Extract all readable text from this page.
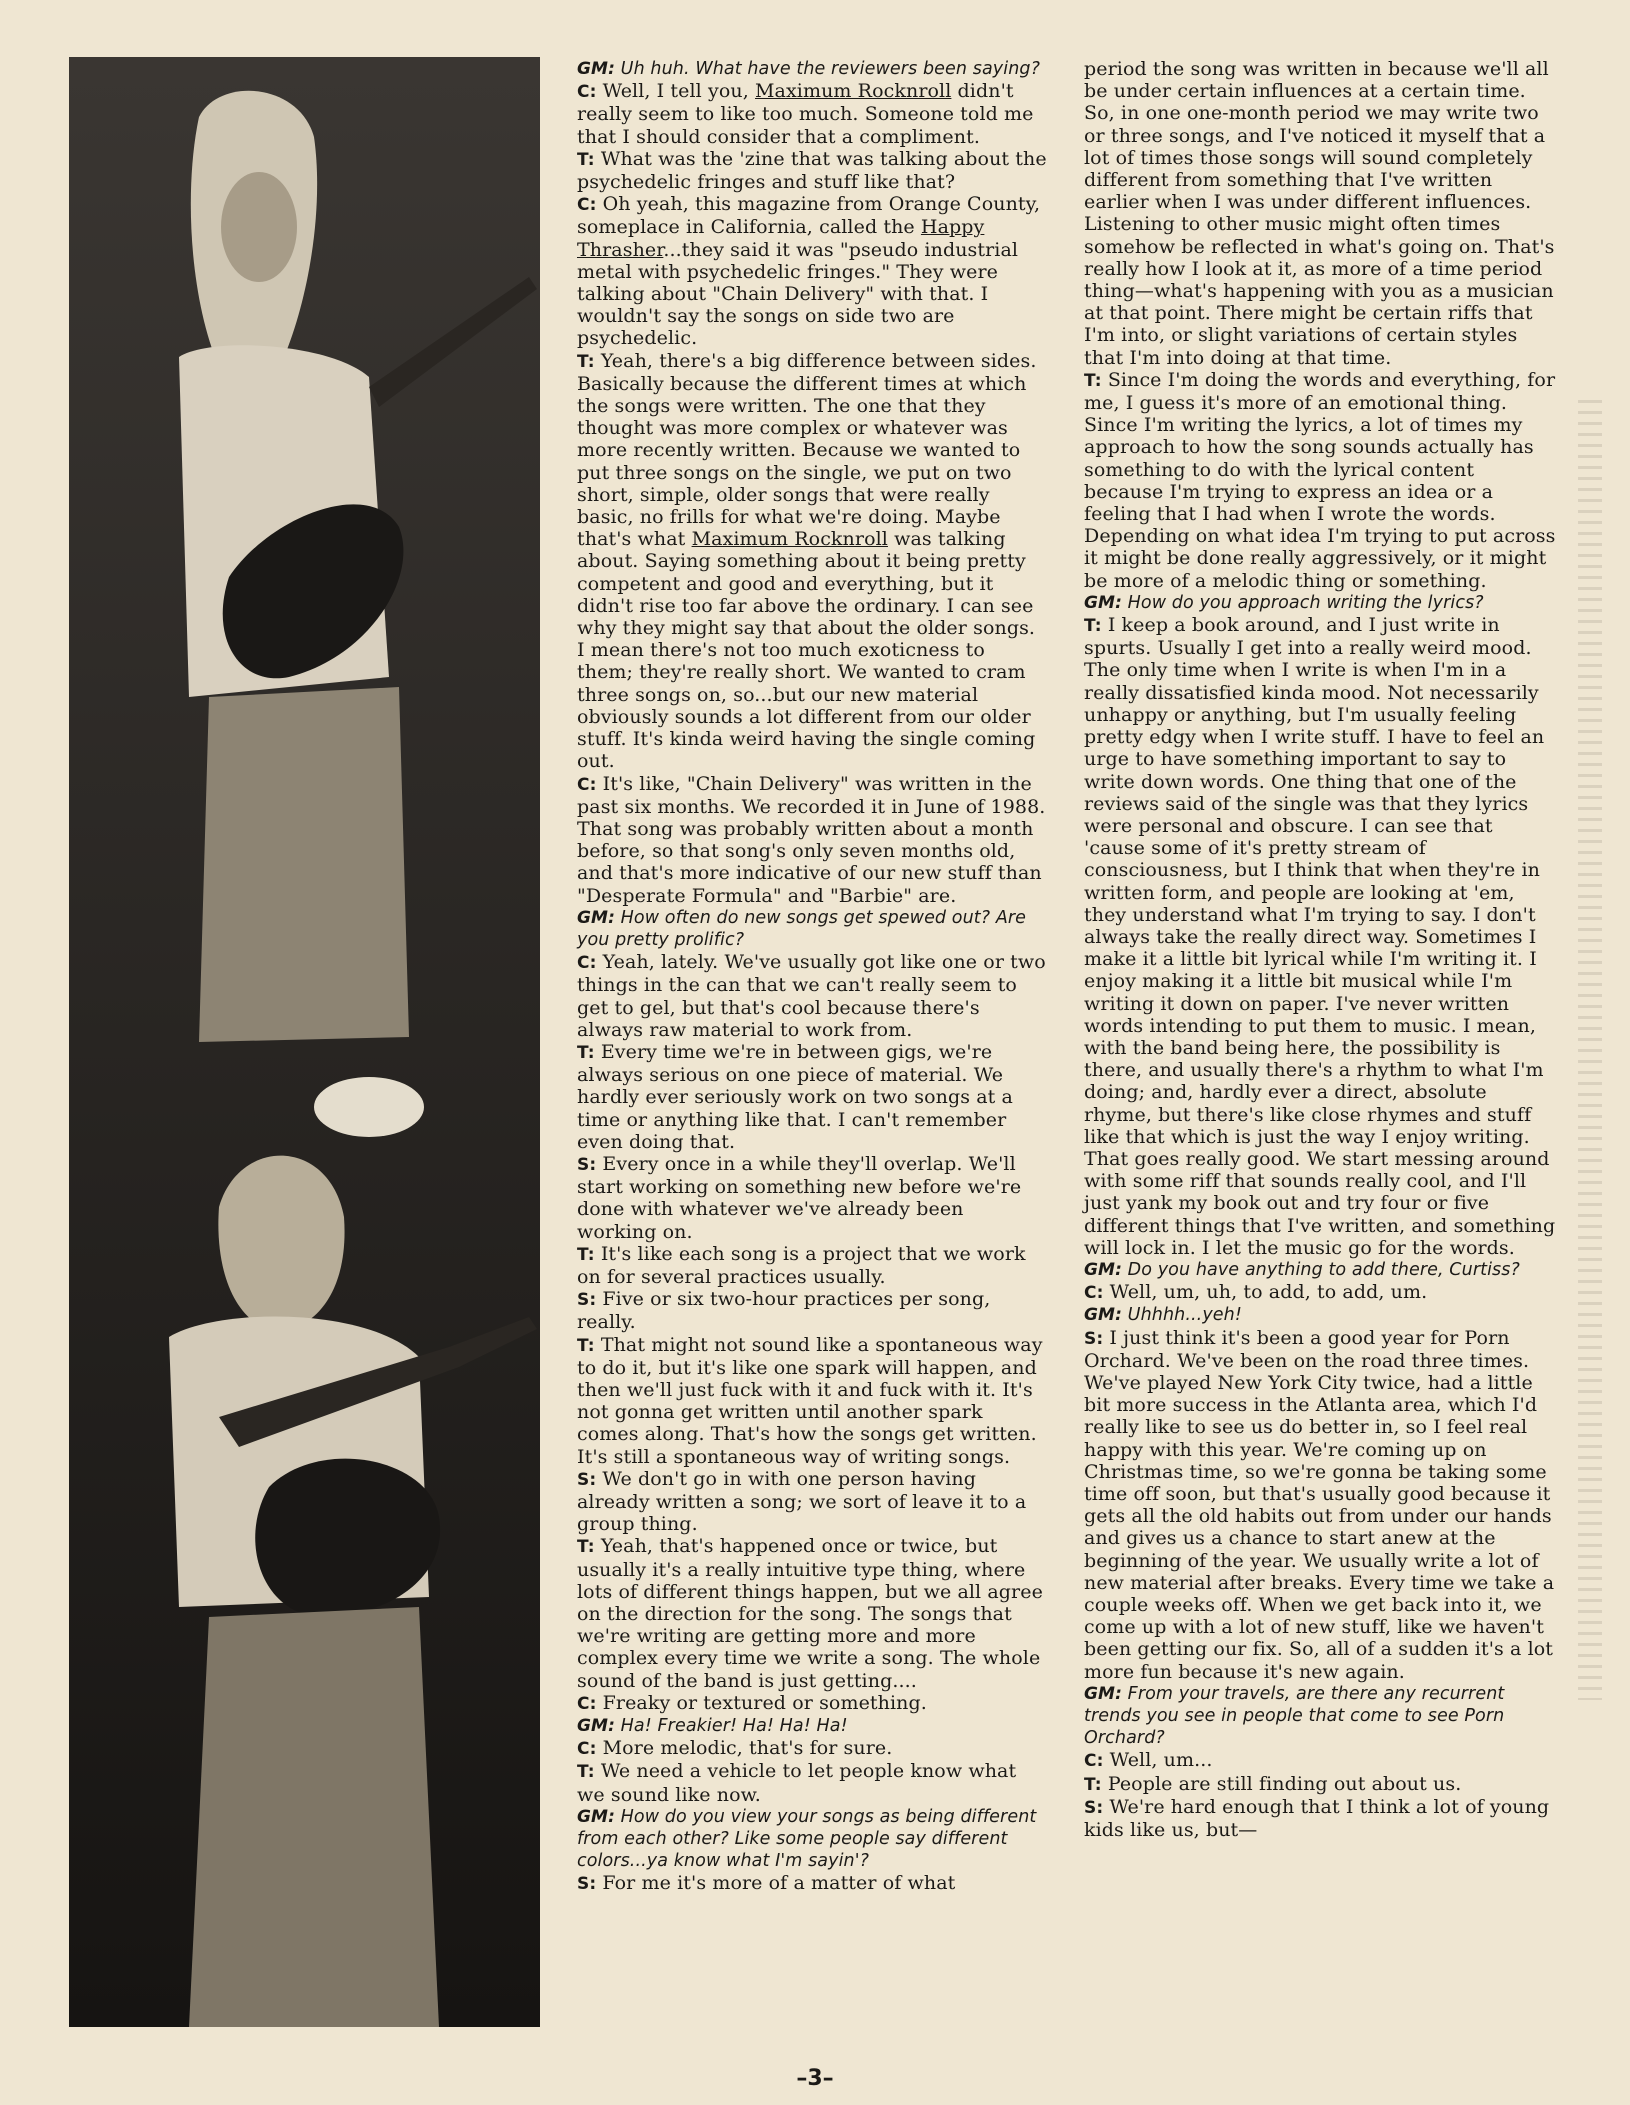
GM: Uh huh. What have the reviewers been saying?

C: Well, I tell you, Maximum Rocknroll didn't really seem to like too much. Someone told me that I should consider that a compliment.

T: What was the 'zine that was talking about the psychedelic fringes and stuff like that?

C: Oh yeah, this magazine from Orange County, someplace in California, called the Happy Thrasher...they said it was "pseudo industrial metal with psychedelic fringes." They were talking about "Chain Delivery" with that. I wouldn't say the songs on side two are psychedelic.

T: Yeah, there's a big difference between sides. Basically because the different times at which the songs were written. The one that they thought was more complex or whatever was more recently written. Because we wanted to put three songs on the single, we put on two short, simple, older songs that were really basic, no frills for what we're doing. Maybe that's what Maximum Rocknroll was talking about. Saying something about it being pretty competent and good and everything, but it didn't rise too far above the ordinary. I can see why they might say that about the older songs. I mean there's not too much exoticness to them; they're really short. We wanted to cram three songs on, so...but our new material obviously sounds a lot different from our older stuff. It's kinda weird having the single coming out.

C: It's like, "Chain Delivery" was written in the past six months. We recorded it in June of 1988. That song was probably written about a month before, so that song's only seven months old, and that's more indicative of our new stuff than "Desperate Formula" and "Barbie" are.

GM: How often do new songs get spewed out? Are you pretty prolific?

C: Yeah, lately. We've usually got like one or two things in the can that we can't really seem to get to gel, but that's cool because there's always raw material to work from.

T: Every time we're in between gigs, we're always serious on one piece of material. We hardly ever seriously work on two songs at a time or anything like that. I can't remember even doing that.

S: Every once in a while they'll overlap. We'll start working on something new before we're done with whatever we've already been working on.

T: It's like each song is a project that we work on for several practices usually.

S: Five or six two-hour practices per song, really.

T: That might not sound like a spontaneous way to do it, but it's like one spark will happen, and then we'll just fuck with it and fuck with it. It's not gonna get written until another spark comes along. That's how the songs get written. It's still a spontaneous way of writing songs.

S: We don't go in with one person having already written a song; we sort of leave it to a group thing.

T: Yeah, that's happened once or twice, but usually it's a really intuitive type thing, where lots of different things happen, but we all agree on the direction for the song. The songs that we're writing are getting more and more complex every time we write a song. The whole sound of the band is just getting....

C: Freaky or textured or something.

GM: Ha! Freakier! Ha! Ha! Ha!

C: More melodic, that's for sure.

T: We need a vehicle to let people know what we sound like now.

GM: How do you view your songs as being different from each other? Like some people say different colors...ya know what I'm sayin'?

S: For me it's more of a matter of what

period the song was written in because we'll all be under certain influences at a certain time. So, in one one-month period we may write two or three songs, and I've noticed it myself that a lot of times those songs will sound completely different from something that I've written earlier when I was under different influences. Listening to other music might often times somehow be reflected in what's going on. That's really how I look at it, as more of a time period thing—what's happening with you as a musician at that point. There might be certain riffs that I'm into, or slight variations of certain styles that I'm into doing at that time.

T: Since I'm doing the words and everything, for me, I guess it's more of an emotional thing. Since I'm writing the lyrics, a lot of times my approach to how the song sounds actually has something to do with the lyrical content because I'm trying to express an idea or a feeling that I had when I wrote the words. Depending on what idea I'm trying to put across it might be done really aggressively, or it might be more of a melodic thing or something.

GM: How do you approach writing the lyrics?

T: I keep a book around, and I just write in spurts. Usually I get into a really weird mood. The only time when I write is when I'm in a really dissatisfied kinda mood. Not necessarily unhappy or anything, but I'm usually feeling pretty edgy when I write stuff. I have to feel an urge to have something important to say to write down words. One thing that one of the reviews said of the single was that they lyrics were personal and obscure. I can see that 'cause some of it's pretty stream of consciousness, but I think that when they're in written form, and people are looking at 'em, they understand what I'm trying to say. I don't always take the really direct way. Sometimes I make it a little bit lyrical while I'm writing it. I enjoy making it a little bit musical while I'm writing it down on paper. I've never written words intending to put them to music. I mean, with the band being here, the possibility is there, and usually there's a rhythm to what I'm doing; and, hardly ever a direct, absolute rhyme, but there's like close rhymes and stuff like that which is just the way I enjoy writing. That goes really good. We start messing around with some riff that sounds really cool, and I'll just yank my book out and try four or five different things that I've written, and something will lock in. I let the music go for the words.

GM: Do you have anything to add there, Curtiss?

C: Well, um, uh, to add, to add, um.

GM: Uhhhh...yeh!

S: I just think it's been a good year for Porn Orchard. We've been on the road three times. We've played New York City twice, had a little bit more success in the Atlanta area, which I'd really like to see us do better in, so I feel real happy with this year. We're coming up on Christmas time, so we're gonna be taking some time off soon, but that's usually good because it gets all the old habits out from under our hands and gives us a chance to start anew at the beginning of the year. We usually write a lot of new material after breaks. Every time we take a couple weeks off. When we get back into it, we come up with a lot of new stuff, like we haven't been getting our fix. So, all of a sudden it's a lot more fun because it's new again.

GM: From your travels, are there any recurrent trends you see in people that come to see Porn Orchard?

C: Well, um...

T: People are still finding out about us.

S: We're hard enough that I think a lot of young kids like us, but—

–3–
